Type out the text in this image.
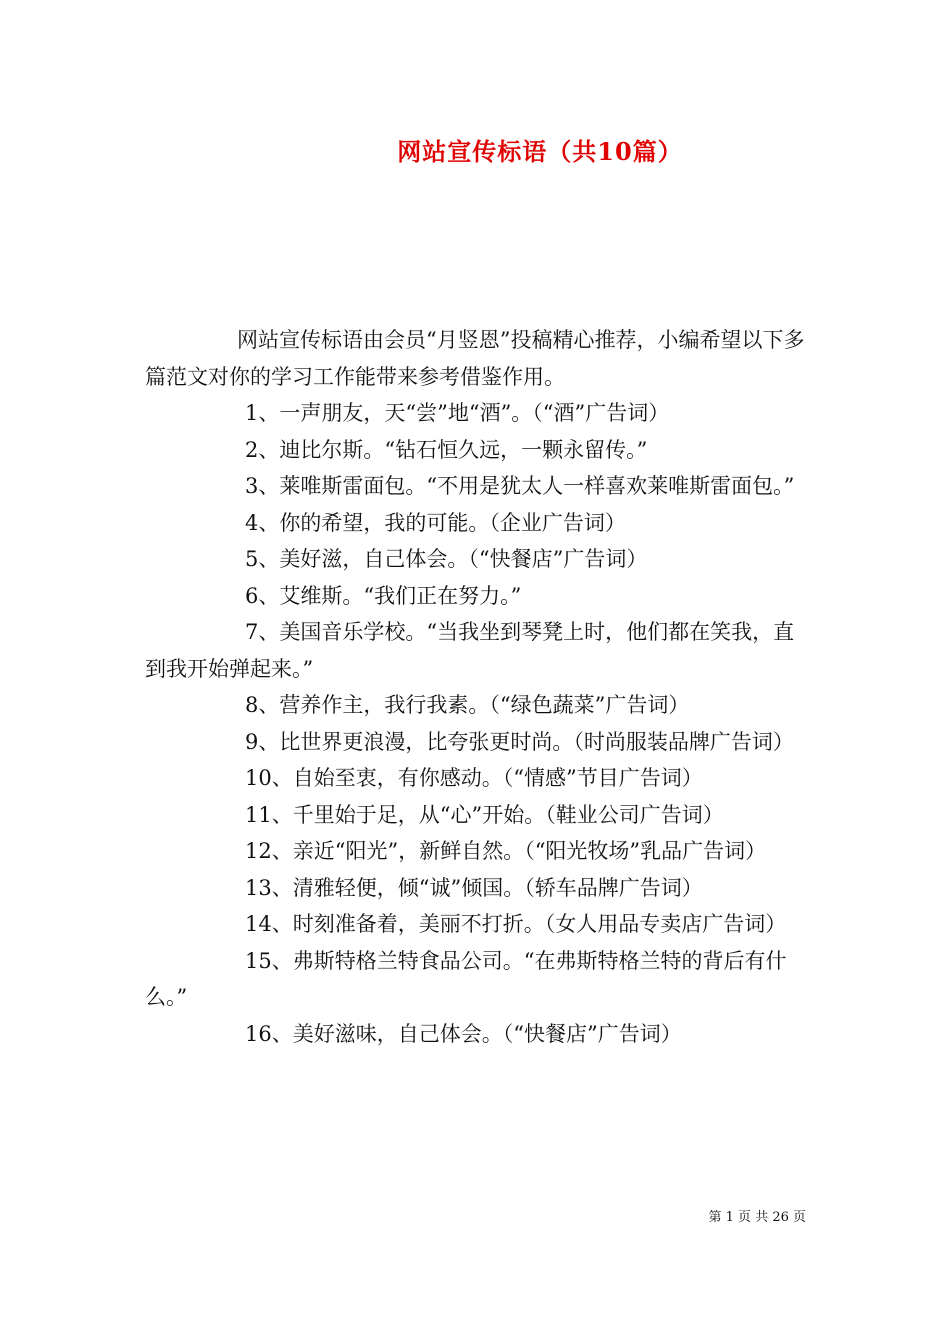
网站宣传标语（共10篇）

网站宣传标语由会员“月竖恩”投稿精心推荐，小编希望以下多篇范文对你的学习工作能带来参考借鉴作用。

1、一声朋友，天“尝”地“酒”。（“酒”广告词）

2、迪比尔斯。“钻石恒久远，一颗永留传。”

3、莱唯斯雷面包。“不用是犹太人一样喜欢莱唯斯雷面包。”

4、你的希望，我的可能。（企业广告词）

5、美好滋，自己体会。（“快餐店”广告词）

6、艾维斯。“我们正在努力。”

7、美国音乐学校。“当我坐到琴凳上时，他们都在笑我，直到我开始弹起来。”

8、营养作主，我行我素。（“绿色蔬菜”广告词）

9、比世界更浪漫，比夸张更时尚。（时尚服装品牌广告词）

10、自始至衷，有你感动。（“情感”节目广告词）

11、千里始于足，从“心”开始。（鞋业公司广告词）

12、亲近“阳光”，新鲜自然。（“阳光牧场”乳品广告词）

13、清雅轻便，倾“诚”倾国。（轿车品牌广告词）

14、时刻准备着，美丽不打折。（女人用品专卖店广告词）

15、弗斯特格兰特食品公司。“在弗斯特格兰特的背后有什么。”

16、美好滋味，自己体会。（“快餐店”广告词）

第 1 页 共 26 页
